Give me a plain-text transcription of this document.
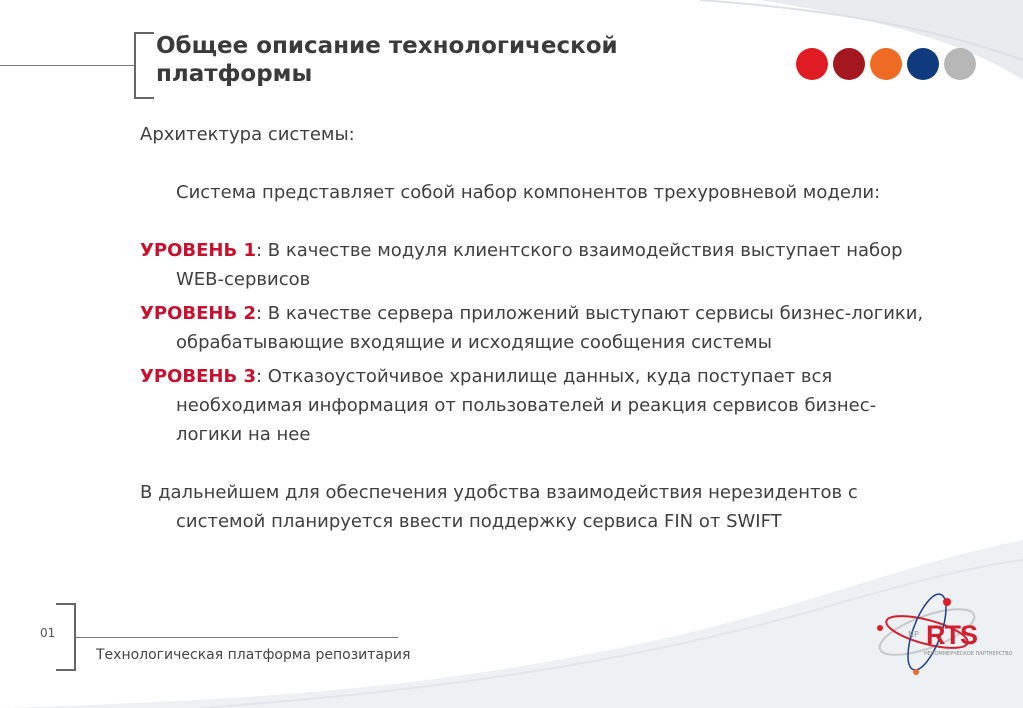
Общее описание технологической платформы

Архитектура системы:

Система представляет собой набор компонентов трехуровневой модели:

УРОВЕНЬ 1: В качестве модуля клиентского взаимодействия выступает набор WEB-сервисов

УРОВЕНЬ 2: В качестве сервера приложений выступают сервисы бизнес-логики, обрабатывающие входящие и исходящие сообщения системы

УРОВЕНЬ 3: Отказоустойчивое хранилище данных, куда поступает вся необходимая информация от пользователей и реакция сервисов бизнес-логики на нее

В дальнейшем для обеспечения удобства взаимодействия нерезидентов с системой планируется ввести поддержку сервиса FIN от SWIFT

01
Технологическая платформа репозитария
NP RTS
НЕКОММЕРЧЕСКОЕ ПАРТНЕРСТВО
